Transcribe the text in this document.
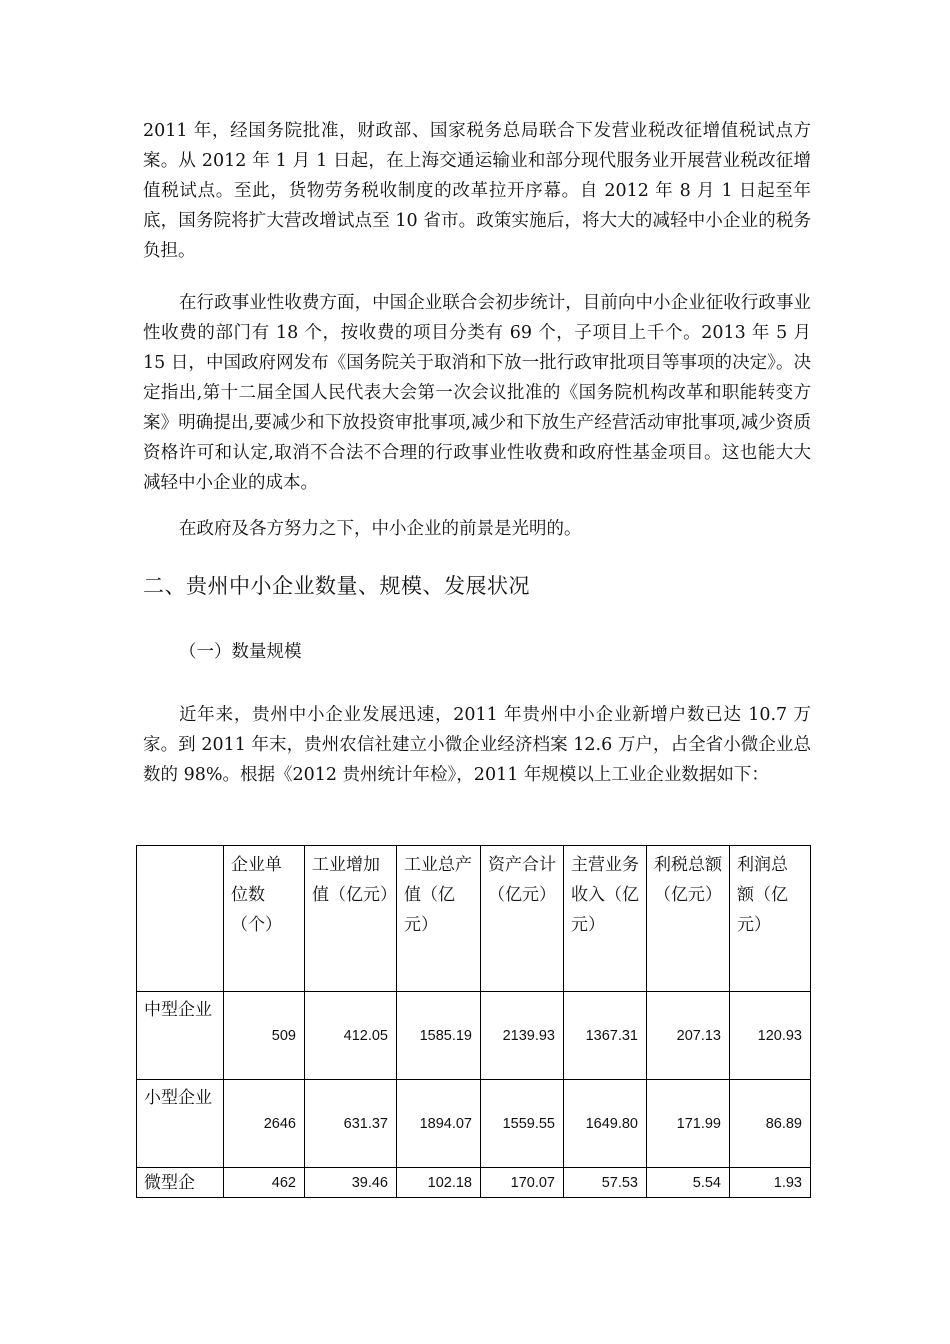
2011 年，经国务院批准，财政部、国家税务总局联合下发营业税改征增值税试点方案。从 2012 年 1 月 1 日起，在上海交通运输业和部分现代服务业开展营业税改征增值税试点。至此，货物劳务税收制度的改革拉开序幕。自 2012 年 8 月 1 日起至年底，国务院将扩大营改增试点至 10 省市。政策实施后，将大大的减轻中小企业的税务负担。

在行政事业性收费方面，中国企业联合会初步统计，目前向中小企业征收行政事业性收费的部门有 18 个，按收费的项目分类有 69 个，子项目上千个。2013 年 5 月 15 日，中国政府网发布《国务院关于取消和下放一批行政审批项目等事项的决定》。决定指出,第十二届全国人民代表大会第一次会议批准的《国务院机构改革和职能转变方案》明确提出,要减少和下放投资审批事项,减少和下放生产经营活动审批事项,减少资质资格许可和认定,取消不合法不合理的行政事业性收费和政府性基金项目。这也能大大减轻中小企业的成本。

在政府及各方努力之下，中小企业的前景是光明的。

二、贵州中小企业数量、规模、发展状况
（一）数量规模

近年来，贵州中小企业发展迅速，2011 年贵州中小企业新增户数已达 10.7 万家。到 2011 年末，贵州农信社建立小微企业经济档案 12.6 万户，占全省小微企业总数的 98%。根据《2012 贵州统计年检》，2011 年规模以上工业企业数据如下：

	企业单位数（个）	工业增加值（亿元）	工业总产值（亿元）	资产合计（亿元）	主营业务收入（亿元）	利税总额（亿元）	利润总额（亿元）
中型企业	509	412.05	1585.19	2139.93	1367.31	207.13	120.93
小型企业	2646	631.37	1894.07	1559.55	1649.80	171.99	86.89
微型企	462	39.46	102.18	170.07	57.53	5.54	1.93
